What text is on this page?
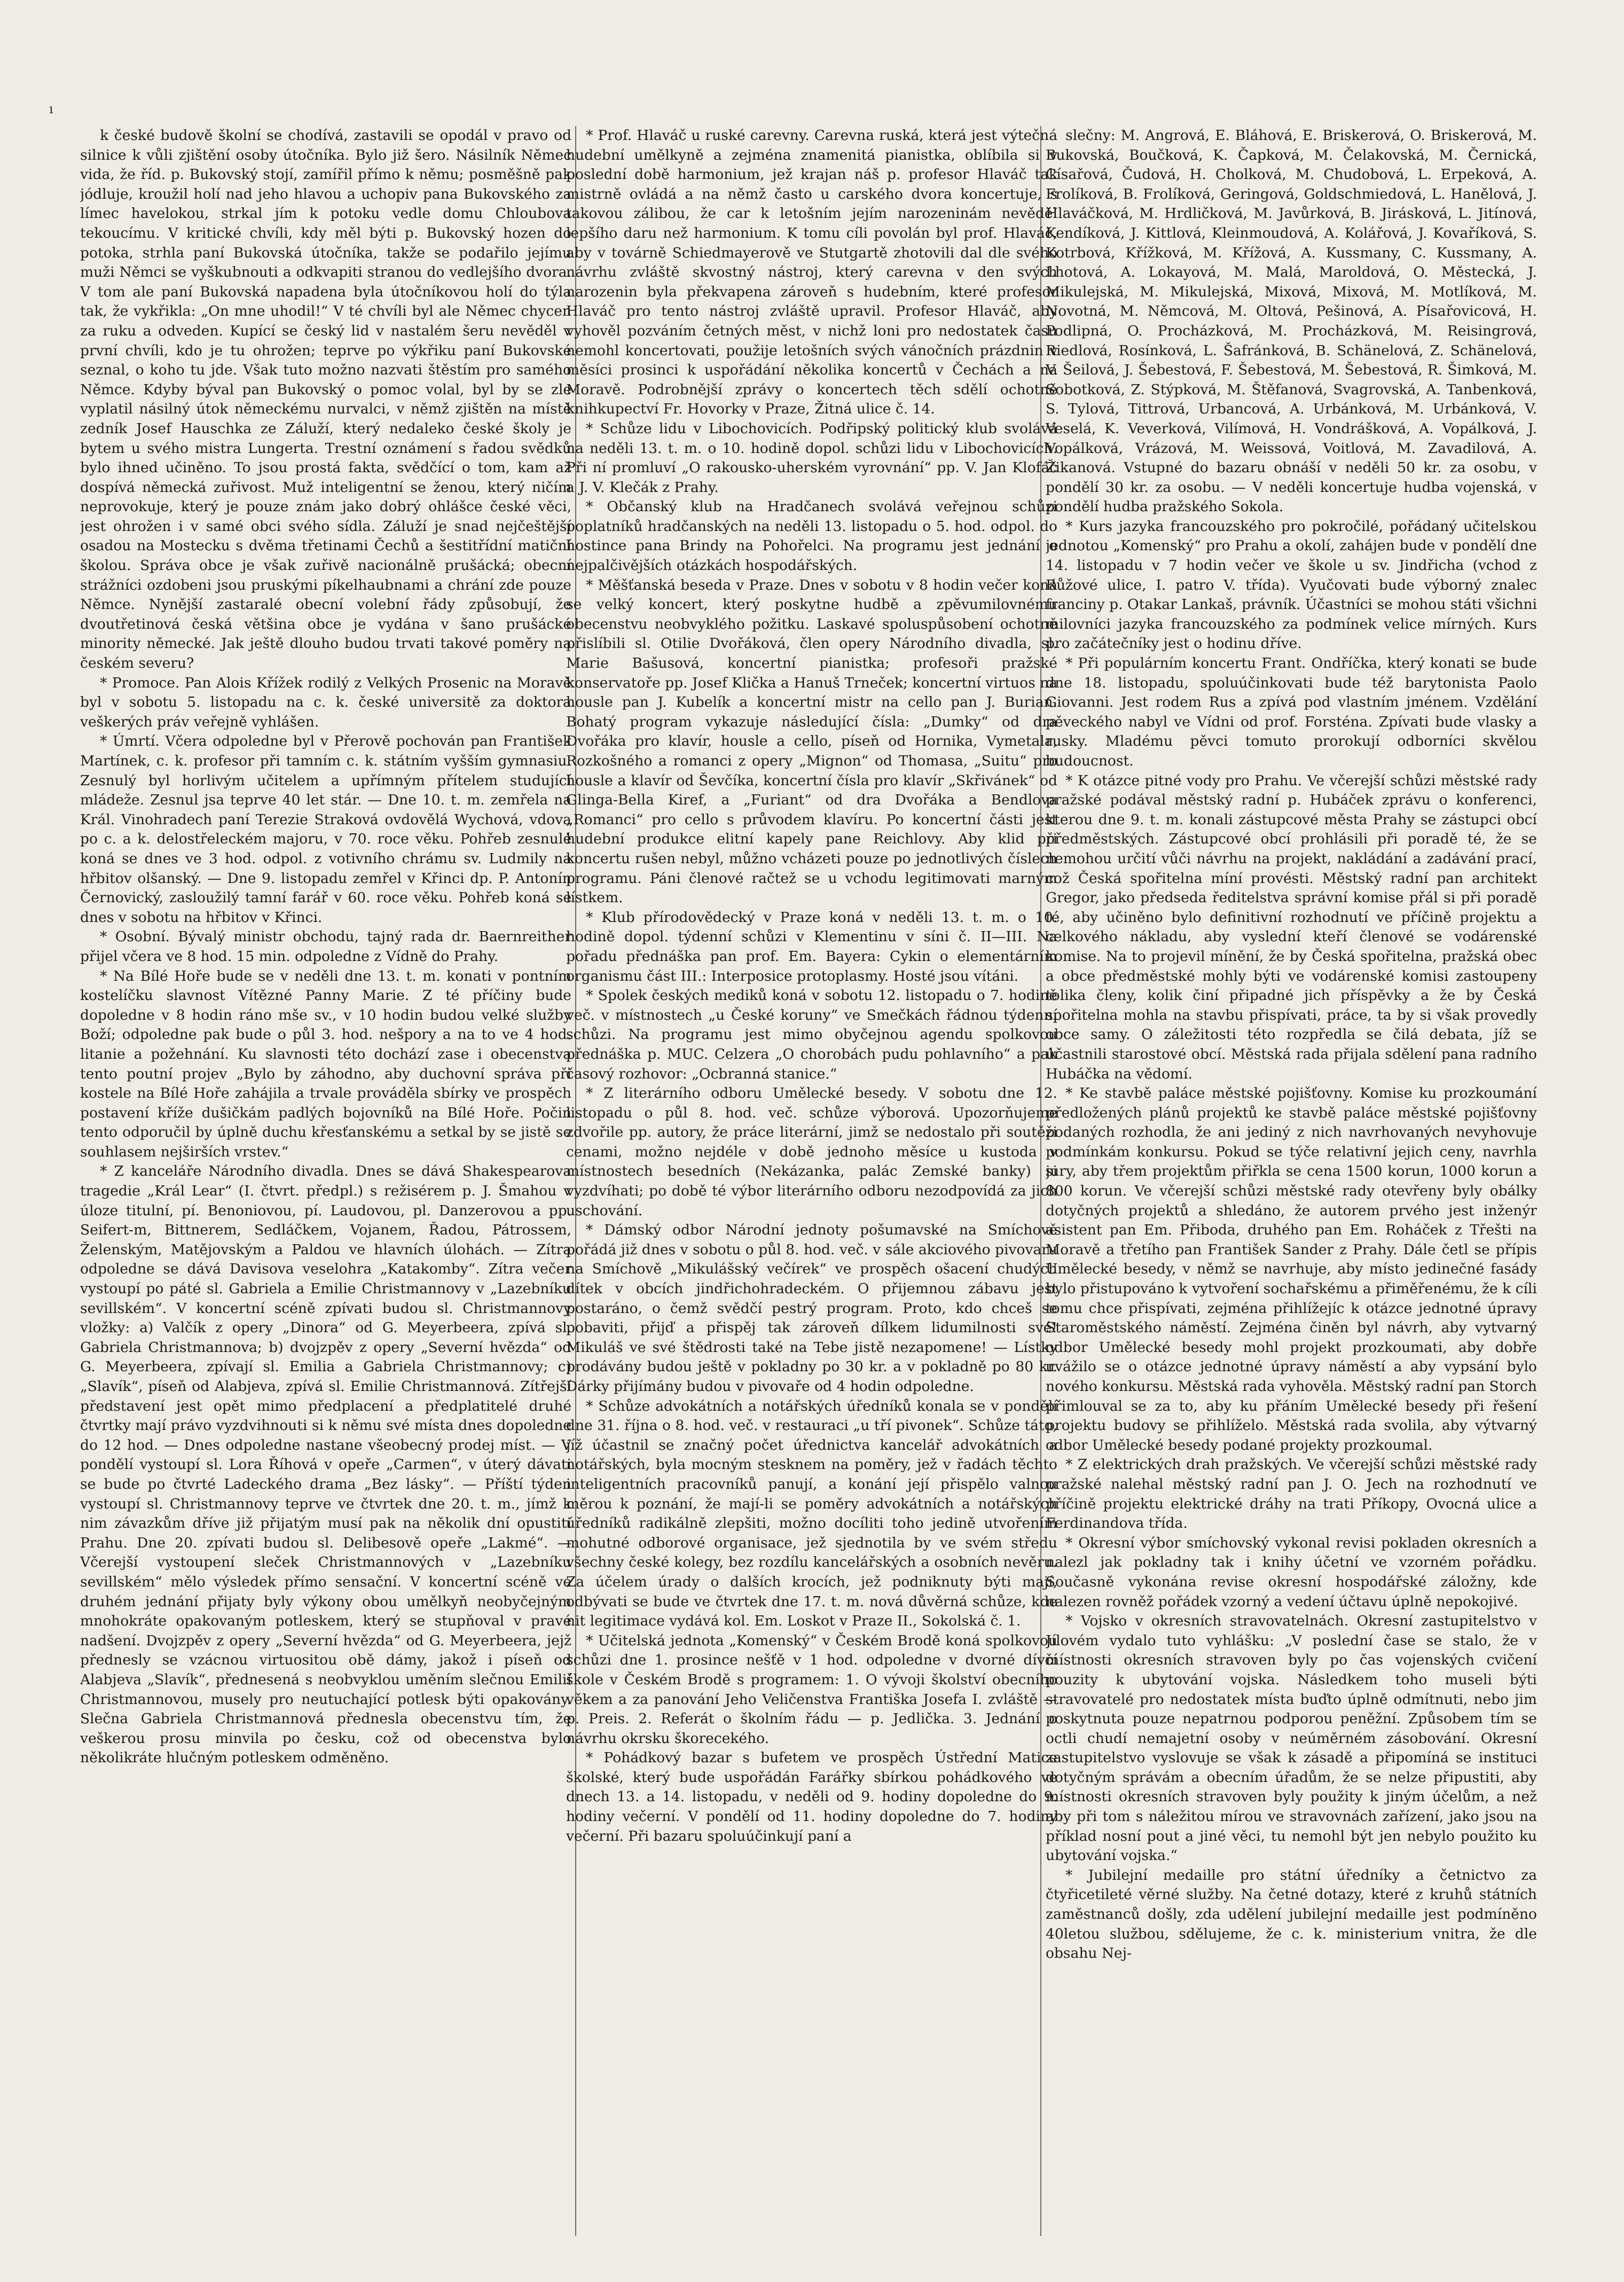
ı

k české budově školní se chodívá, zastavili se opodál v pravo od silnice k vůli zjištění osoby útočníka. Bylo již šero. Násilník Němec vida, že říd. p. Bukovský stojí, zamířil přímo k němu; posměšně pak jódluje, kroužil holí nad jeho hlavou a uchopiv pana Bukovského za límec havelokou, strkal jím k potoku vedle domu Chloubova tekoucímu. V kritické chvíli, kdy měl býti p. Bukovský hozen do potoka, strhla paní Bukovská útočníka, takže se podařilo jejímu muži Němci se vyškubnouti a odkvapiti stranou do vedlejšího dvora. V tom ale paní Bukovská napadena byla útočníkovou holí do týla tak, že vykřikla: „On mne uhodil!“ V té chvíli byl ale Němec chycen za ruku a odveden. Kupící se český lid v nastalém šeru nevěděl v první chvíli, kdo je tu ohrožen; teprve po výkřiku paní Bukovské seznal, o koho tu jde. Však tuto možno nazvati štěstím pro samého Němce. Kdyby býval pan Bukovský o pomoc volal, byl by se zle vyplatil násilný útok německému nurvalci, v němž zjištěn na místě zedník Josef Hauschka ze Záluží, který nedaleko české školy je bytem u svého mistra Lungerta. Trestní oznámení s řadou svědků bylo ihned učiněno. To jsou prostá fakta, svědčící o tom, kam až dospívá německá zuřivost. Muž inteligentní se ženou, který ničím neprovokuje, který je pouze znám jako dobrý ohlášce české věci, jest ohrožen i v samé obci svého sídla. Záluží je snad nejčeštější osadou na Mostecku s dvěma třetinami Čechů a šestitřídní matiční školou. Správa obce je však zuřivě nacionálně prušácká; obecní strážníci ozdobeni jsou pruskými píkelhaubnami a chrání zde pouze Němce. Nynější zastaralé obecní volební řády způsobují, že dvoutřetinová česká většina obce je vydána v šano prušácké minority německé. Jak ještě dlouho budou trvati takové poměry na českém severu?

* Promoce. Pan Alois Křížek rodilý z Velkých Prosenic na Moravě byl v sobotu 5. listopadu na c. k. české universitě za doktora veškerých práv veřejně vyhlášen.

* Úmrtí. Včera odpoledne byl v Přerově pochován pan František Martínek, c. k. profesor při tamním c. k. státním vyšším gymnasiu. Zesnulý byl horlivým učitelem a upřímným přítelem studující mládeže. Zesnul jsa teprve 40 let stár. — Dne 10. t. m. zemřela na Král. Vinohradech paní Terezie Straková ovdovělá Wychová, vdova po c. a k. delostřeleckém majoru, v 70. roce věku. Pohřeb zesnulé koná se dnes ve 3 hod. odpol. z votivního chrámu sv. Ludmily na hřbitov olšanský. — Dne 9. listopadu zemřel v Křinci dp. P. Antonín Černovický, zasloužilý tamní farář v 60. roce věku. Pohřeb koná se dnes v sobotu na hřbitov v Křinci.

* Osobní. Bývalý ministr obchodu, tajný rada dr. Baernreither přijel včera ve 8 hod. 15 min. odpoledne z Vídně do Prahy.

* Na Bílé Hoře bude se v neděli dne 13. t. m. konati v pontním kostelíčku slavnost Vítězné Panny Marie. Z té příčiny bude dopoledne v 8 hodin ráno mše sv., v 10 hodin budou velké služby Boží; odpoledne pak bude o půl 3. hod. nešpory a na to ve 4 hod. litanie a požehnání. Ku slavnosti této dochází zase i obecenstva tento poutní projev „Bylo by záhodno, aby duchovní správa při kostele na Bílé Hoře zahájila a trvale prováděla sbírky ve prospěch postavení kříže dušičkám padlých bojovníků na Bílé Hoře. Počin tento odporučil by úplně duchu křesťanskému a setkal by se jistě se souhlasem nejširších vrstev.“

* Z kanceláře Národního divadla. Dnes se dává Shakespearova tragedie „Král Lear“ (I. čtvrt. předpl.) s režisérem p. J. Šmahou v úloze titulní, pí. Benoniovou, pí. Laudovou, pl. Danzerovou a pp. Seifert-m, Bittnerem, Sedláčkem, Vojanem, Řadou, Pátrossem, Želenským, Matějovským a Paldou ve hlavních úlohách. — Zítra odpoledne se dává Davisova veselohra „Katakomby“. Zítra večer vystoupí po páté sl. Gabriela a Emilie Christmannovy v „Lazebníku sevillském“. V koncertní scéně zpívati budou sl. Christmannovy vložky: a) Valčík z opery „Dinora“ od G. Meyerbeera, zpívá sl. Gabriela Christmannova; b) dvojzpěv z opery „Severní hvězda“ od G. Meyerbeera, zpívají sl. Emilia a Gabriela Christmannovy; c) „Slavík“, píseň od Alabjeva, zpívá sl. Emilie Christmannová. Zítřejší představení jest opět mimo předplacení a předplatitelé druhé čtvrtky mají právo vyzdvihnouti si k němu své místa dnes dopoledne do 12 hod. — Dnes odpoledne nastane všeobecný prodej míst. — V pondělí vystoupí sl. Lora Říhová v opeře „Carmen“, v úterý dávati se bude po čtvrté Ladeckého drama „Bez lásky“. — Příští týden vystoupí sl. Christmannovy teprve ve čtvrtek dne 20. t. m., jímž k nim závazkům dříve již přijatým musí pak na několik dní opustiti Prahu. Dne 20. zpívati budou sl. Delibesově opeře „Lakmé“. — Včerejší vystoupení sleček Christmannových v „Lazebníku sevillském“ mělo výsledek přímo sensační. V koncertní scéně ve druhém jednání přijaty byly výkony obou umělkyň neobyčejným mnohokráte opakovaným potleskem, který se stupňoval v pravé nadšení. Dvojzpěv z opery „Severní hvězda“ od G. Meyerbeera, jejž přednesly se vzácnou virtuositou obě dámy, jakož i píseň od Alabjeva „Slavík“, přednesená s neobvyklou uměním slečnou Emilií Christmannovou, musely pro neutuchající potlesk býti opakovány. Slečna Gabriela Christmannová přednesla obecenstvu tím, že veškerou prosu minvila po česku, což od obecenstva bylo několikráte hlučným potleskem odměněno.

* Prof. Hlaváč u ruské carevny. Carevna ruská, která jest výtečná hudební umělkyně a zejména znamenitá pianistka, oblíbila si v poslední době harmonium, jež krajan náš p. profesor Hlaváč tak mistrně ovládá a na němž často u carského dvora koncertuje, s takovou zálibou, že car k letošním jejím narozeninám nevěděl lepšího daru než harmonium. K tomu cíli povolán byl prof. Hlaváč, aby v továrně Schiedmayerově ve Stutgartě zhotovili dal dle svého návrhu zvláště skvostný nástroj, který carevna v den svých narozenin byla překvapena zároveň s hudebním, které profesor Hlaváč pro tento nástroj zvláště upravil. Profesor Hlaváč, aby vyhověl pozváním četných měst, v nichž loni pro nedostatek času nemohl koncertovati, použije letošních svých vánočních prázdnin v měsíci prosinci k uspořádání několika koncertů v Čechách a na Moravě. Podrobnější zprávy o koncertech těch sdělí ochotně knihkupectví Fr. Hovorky v Praze, Žitná ulice č. 14.

* Schůze lidu v Libochovicích. Podřipský politický klub svolává na neděli 13. t. m. o 10. hodině dopol. schůzi lidu v Libochovicích. Při ní promluví „O rakousko-uherském vyrovnání“ pp. V. Jan Klofáč a J. V. Klečák z Prahy.

* Občanský klub na Hradčanech svolává veřejnou schůzi poplatníků hradčanských na neděli 13. listopadu o 5. hod. odpol. do hostince pana Brindy na Pohořelci. Na programu jest jednání o nejpalčivějších otázkách hospodářských.

* Měšťanská beseda v Praze. Dnes v sobotu v 8 hodin večer koná se velký koncert, který poskytne hudbě a zpěvumilovnému obecenstvu neobvyklého požitku. Laskavé spoluspůsobení ochotně přislíbili sl. Otilie Dvořáková, člen opery Národního divadla, sl. Marie Bašusová, koncertní pianistka; profesoři pražské konservatoře pp. Josef Klička a Hanuš Trneček; koncertní virtuos na housle pan J. Kubelík a koncertní mistr na cello pan J. Burian. Bohatý program vykazuje následující čísla: „Dumky“ od dra Dvořáka pro klavír, housle a cello, píseň od Hornika, Vymetala, Rozkošného a romanci z opery „Mignon“ od Thomasa, „Suitu“ pro housle a klavír od Ševčíka, koncertní čísla pro klavír „Skřivánek“ od Glinga-Bella Kiref, a „Furiant“ od dra Dvořáka a Bendlova „Romanci“ pro cello s průvodem klavíru. Po koncertní části jest hudební produkce elitní kapely pane Reichlovy. Aby klid při koncertu rušen nebyl, můžno vcházeti pouze po jednotlivých číslech programu. Páni členové račtež se u vchodu legitimovati marným lístkem.

* Klub přírodovědecký v Praze koná v neděli 13. t. m. o 10. hodině dopol. týdenní schůzi v Klementinu v síni č. II—III. Na pořadu přednáška pan prof. Em. Bayera: Cykin o elementárním organismu část III.: Interposice protoplasmy. Hosté jsou vítáni.

* Spolek českých mediků koná v sobotu 12. listopadu o 7. hodině več. v místnostech „u České koruny“ ve Smečkách řádnou týdenní schůzi. Na programu jest mimo obyčejnou agendu spolkovou přednáška p. MUC. Celzera „O chorobách pudu pohlavního“ a pak časový rozhovor: „Ocbranná stanice.“

* Z literárního odboru Umělecké besedy. V sobotu dne 12. listopadu o půl 8. hod. več. schůze výborová. Upozorňujeme zdvořile pp. autory, že práce literární, jimž se nedostalo při soutěži cenami, možno nejdéle v době jednoho měsíce u kustoda v místnostech besedních (Nekázanka, palác Zemské banky) si vyzdvíhati; po době té výbor literárního odboru nezodpovídá za jich uschování.

* Dámský odbor Národní jednoty pošumavské na Smíchově pořádá již dnes v sobotu o půl 8. hod. več. v sále akciového pivovaru na Smíchově „Mikulášský večírek“ ve prospěch ošacení chudých dítek v obcích jindřichohradeckém. O přijemnou zábavu jest postaráno, o čemž svědčí pestrý program. Proto, kdo chceš se pobaviti, přijď a přispěj tak zároveň dílkem lidumilnosti své! Mikuláš ve své štědrosti také na Tebe jistě nezapomene! — Lístky prodávány budou ještě v pokladny po 30 kr. a v pokladně po 80 kr. Dárky přijímány budou v pivovaře od 4 hodin odpoledne.

* Schůze advokátních a notářských úředníků konala se v pondělí dne 31. října o 8. hod. več. v restauraci „u tří pivonek“. Schůze táto, jíž účastnil se značný počet úřednictva kancelář advokátních a notářských, byla mocným stesknem na poměry, jež v řadách těchto inteligentních pracovníků panují, a konání její přispělo valnou měrou k poznání, že mají-li se poměry advokátních a notářských úředníků radikálně zlepšiti, možno docíliti toho jedině utvořením mohutné odborové organisace, jež sjednotila by ve svém středu všechny české kolegy, bez rozdílu kancelářských a osobních nevěru. Za účelem úrady o dalších krocích, jež podniknuty býti mají, odbývati se bude ve čtvrtek dne 17. t. m. nová důvěrná schůze, kde nit legitimace vydává kol. Em. Loskot v Praze II., Sokolská č. 1.

* Učitelská jednota „Komenský“ v Českém Brodě koná spolkovou schůzi dne 1. prosince nešťě v 1 hod. odpoledne v dvorné dívčí škole v Českém Brodě s programem: 1. O vývoji školství obecního věkem a za panování Jeho Veličenstva Františka Josefa I. zvláště — p. Preis. 2. Referát o školním řádu — p. Jedlička. 3. Jednání o návrhu okrsku škorecekého.

* Pohádkový bazar s bufetem ve prospěch Ústřední Matice školské, který bude uspořádán Farářky sbírkou pohádkového ve dnech 13. a 14. listopadu, v neděli od 9. hodiny dopoledne do 9. hodiny večerní. V pondělí od 11. hodiny dopoledne do 7. hodiny večerní. Při bazaru spoluúčinkují paní a

slečny: M. Angrová, E. Bláhová, E. Briskerová, O. Briskerová, M. Bukovská, Boučková, K. Čapková, M. Čelakovská, M. Černická, Císařová, Čudová, H. Cholková, M. Chudobová, L. Erpeková, A. Frolíková, B. Frolíková, Geringová, Goldschmiedová, L. Hanělová, J. Hlaváčková, M. Hrdličková, M. Javůrková, B. Jirásková, L. Jitínová, Kendíková, J. Kittlová, Kleinmoudová, A. Kolářová, J. Kovaříková, S. Kotrbová, Křížková, M. Křížová, A. Kussmany, C. Kussmany, A. Lhotová, A. Lokayová, M. Malá, Maroldová, O. Městecká, J. Mikulejská, M. Mikulejská, Mixová, Mixová, M. Motlíková, M. Novotná, M. Němcová, M. Oltová, Pešinová, A. Písařovicová, H. Podlipná, O. Procházková, M. Procházková, M. Reisingrová, Riedlová, Rosínková, L. Šafránková, B. Schänelová, Z. Schänelová, V. Šeilová, J. Šebestová, F. Šebestová, M. Šebestová, R. Šimková, M. Sobotková, Z. Stýpková, M. Štěfanová, Svagrovská, A. Tanbenková, S. Tylová, Tittrová, Urbancová, A. Urbánková, M. Urbánková, V. Veselá, K. Veverková, Vilímová, H. Vondrášková, A. Vopálková, J. Vopálková, Vrázová, M. Weissová, Voitlová, M. Zavadilová, A. Žikanová. Vstupné do bazaru obnáší v neděli 50 kr. za osobu, v pondělí 30 kr. za osobu. — V neděli koncertuje hudba vojenská, v pondělí hudba pražského Sokola.

* Kurs jazyka francouzského pro pokročilé, pořádaný učitelskou jednotou „Komenský“ pro Prahu a okolí, zahájen bude v pondělí dne 14. listopadu v 7 hodin večer ve škole u sv. Jindřicha (vchod z Růžové ulice, I. patro V. třída). Vyučovati bude výborný znalec franciny p. Otakar Lankaš, právník. Účastníci se mohou státi všichni milovníci jazyka francouzského za podmínek velice mírných. Kurs pro začátečníky jest o hodinu dříve.

* Při populárním koncertu Frant. Ondříčka, který konati se bude dne 18. listopadu, spoluúčinkovati bude též barytonista Paolo Giovanni. Jest rodem Rus a zpívá pod vlastním jménem. Vzdělání pěveckého nabyl ve Vídni od prof. Forsténa. Zpívati bude vlasky a rusky. Mladému pěvci tomuto prorokují odborníci skvělou budoucnost.

* K otázce pitné vody pro Prahu. Ve včerejší schůzi městské rady pražské podával městský radní p. Hubáček zprávu o konferenci, kterou dne 9. t. m. konali zástupcové města Prahy se zástupci obcí předměstských. Zástupcové obcí prohlásili při poradě té, že se nemohou určití vůči návrhu na projekt, nakládání a zadávání prací, což Česká spořitelna míní provésti. Městský radní pan architekt Gregor, jako předseda ředitelstva správní komise přál si při poradě té, aby učiněno bylo definitivní rozhodnutí ve příčině projektu a celkového nákladu, aby vyslední kteří členové se vodárenské komise. Na to projevil mínění, že by Česká spořitelna, pražská obec a obce předměstské mohly býti ve vodárenské komisi zastoupeny tolika členy, kolik činí připadné jich příspěvky a že by Česká spořitelna mohla na stavbu přispívati, práce, ta by si však provedly obce samy. O záležitosti této rozpředla se čilá debata, jíž se účastnili starostové obcí. Městská rada přijala sdělení pana radního Hubáčka na vědomí.

* Ke stavbě paláce městské pojišťovny. Komise ku prozkoumání předložených plánů projektů ke stavbě paláce městské pojišťovny podaných rozhodla, že ani jediný z nich navrhovaných nevyhovuje podmínkám konkursu. Pokud se týče relativní jejich ceny, navrhla jury, aby třem projektům přiřkla se cena 1500 korun, 1000 korun a 800 korun. Ve včerejší schůzi městské rady otevřeny byly obálky dotyčných projektů a shledáno, že autorem prvého jest inženýr asistent pan Em. Přiboda, druhého pan Em. Roháček z Třešti na Moravě a třetího pan František Sander z Prahy. Dále četl se přípis Umělecké besedy, v němž se navrhuje, aby místo jedinečné fasády bylo přistupováno k vytvoření sochařskému a přiměřenému, že k cíli tomu chce přispívati, zejména přihlížejíc k otázce jednotné úpravy Staroměstského náměstí. Zejména činěn byl návrh, aby vytvarný odbor Umělecké besedy mohl projekt prozkoumati, aby dobře uvážilo se o otázce jednotné úpravy náměstí a aby vypsání bylo nového konkursu. Městská rada vyhověla. Městský radní pan Storch přimlouval se za to, aby ku přáním Umělecké besedy při řešení projektu budovy se přihlíželo. Městská rada svolila, aby výtvarný odbor Umělecké besedy podané projekty prozkoumal.

* Z elektrických drah pražských. Ve včerejší schůzi městské rady pražské nalehal městský radní pan J. O. Jech na rozhodnutí ve příčině projektu elektrické dráhy na trati Příkopy, Ovocná ulice a Ferdinandova třída.

* Okresní výbor smíchovský vykonal revisi pokladen okresních a nalezl jak pokladny tak i knihy účetní ve vzorném pořádku. Současně vykonána revise okresní hospodářské záložny, kde nalezen rovněž pořádek vzorný a vedení účtavu úplně nepokojivé.

* Vojsko v okresních stravovatelnách. Okresní zastupitelstvo v Jílovém vydalo tuto vyhlášku: „V poslední čase se stalo, že v místnosti okresních stravoven byly po čas vojenských cvičení pouzity k ubytování vojska. Následkem toho museli býti stravovatelé pro nedostatek místa buďto úplně odmítnuti, nebo jim poskytnuta pouze nepatrnou podporou peněžní. Způsobem tím se octli chudí nemajetní osoby v neúměrném zásobování. Okresní zastupitelstvo vyslovuje se však k zásadě a připomíná se instituci dotyčným správám a obecním úřadům, že se nelze připustiti, aby místnosti okresních stravoven byly použity k jiným účelům, a než aby při tom s náležitou mírou ve stravovnách zařízení, jako jsou na příklad nosní pout a jiné věci, tu nemohl být jen nebylo použito ku ubytování vojska.“

* Jubilejní medaille pro státní úředníky a četnictvo za čtyřicetileté věrné služby. Na četné dotazy, které z kruhů státních zaměstnanců došly, zda udělení jubilejní medaille jest podmíněno 40letou službou, sdělujeme, že c. k. ministerium vnitra, že dle obsahu Nej-
